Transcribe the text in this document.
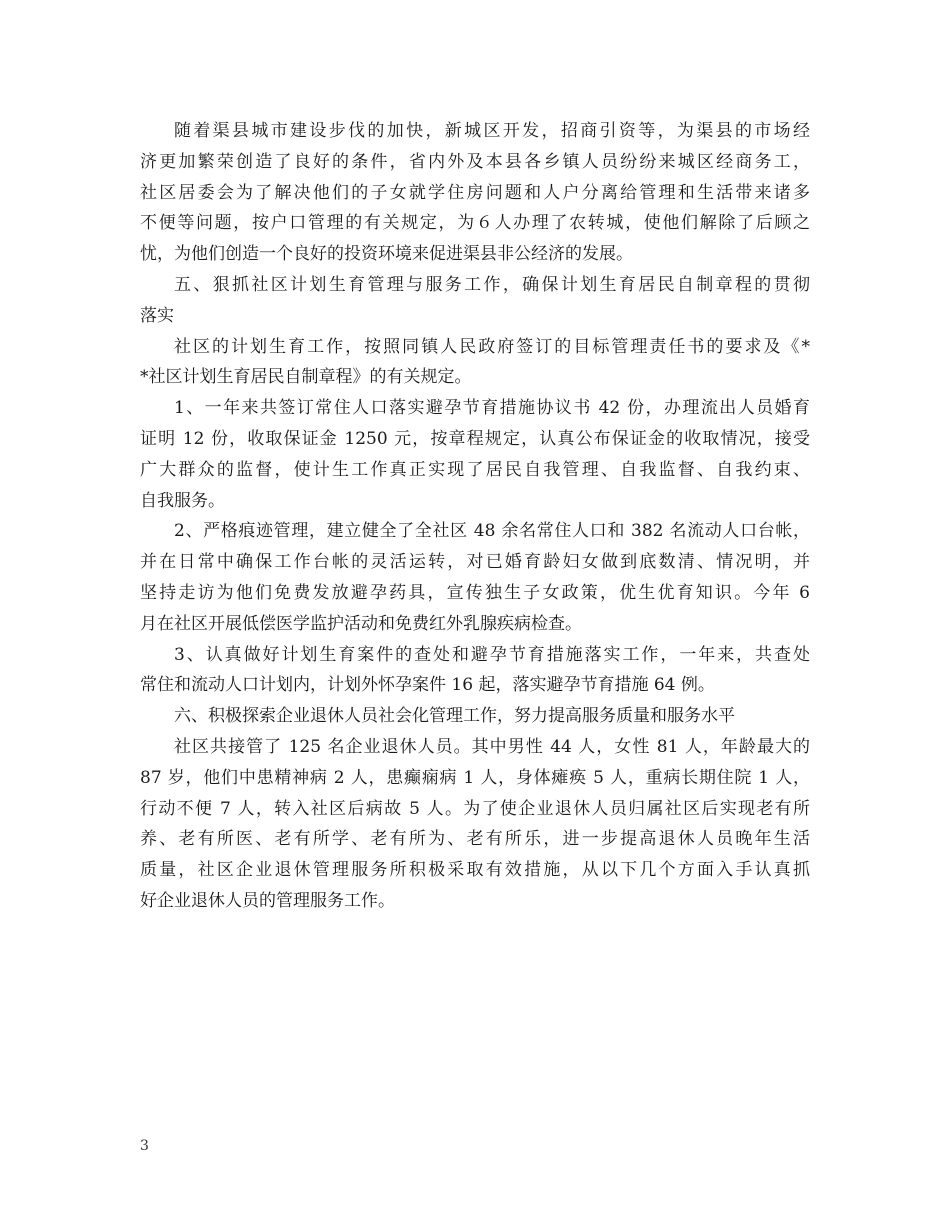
随着渠县城市建设步伐的加快，新城区开发，招商引资等，为渠县的市场经
济更加繁荣创造了良好的条件，省内外及本县各乡镇人员纷纷来城区经商务工，
社区居委会为了解决他们的子女就学住房问题和人户分离给管理和生活带来诸多
不便等问题，按户口管理的有关规定，为６人办理了农转城，使他们解除了后顾之
忧，为他们创造一个良好的投资环境来促进渠县非公经济的发展。
五、狠抓社区计划生育管理与服务工作，确保计划生育居民自制章程的贯彻
落实
社区的计划生育工作，按照同镇人民政府签订的目标管理责任书的要求及《*
*社区计划生育居民自制章程》的有关规定。
1、一年来共签订常住人口落实避孕节育措施协议书 42 份，办理流出人员婚育
证明 12 份，收取保证金 1250 元，按章程规定，认真公布保证金的收取情况，接受
广大群众的监督，使计生工作真正实现了居民自我管理、自我监督、自我约束、
自我服务。
2、严格痕迹管理，建立健全了全社区 48 余名常住人口和 382 名流动人口台帐，
并在日常中确保工作台帐的灵活运转，对已婚育龄妇女做到底数清、情况明，并
坚持走访为他们免费发放避孕药具，宣传独生子女政策，优生优育知识。今年 6
月在社区开展低偿医学监护活动和免费红外乳腺疾病检查。
3、认真做好计划生育案件的查处和避孕节育措施落实工作，一年来，共查处
常住和流动人口计划内，计划外怀孕案件 16 起，落实避孕节育措施 64 例。
六、积极探索企业退休人员社会化管理工作，努力提高服务质量和服务水平
社区共接管了 125 名企业退休人员。其中男性 44 人，女性 81 人，年龄最大的
87 岁，他们中患精神病 2 人，患癫痫病 1 人，身体瘫痪 5 人，重病长期住院 1 人，
行动不便 7 人，转入社区后病故 5 人。为了使企业退休人员归属社区后实现老有所
养、老有所医、老有所学、老有所为、老有所乐，进一步提高退休人员晚年生活
质量，社区企业退休管理服务所积极采取有效措施，从以下几个方面入手认真抓
好企业退休人员的管理服务工作。
3
